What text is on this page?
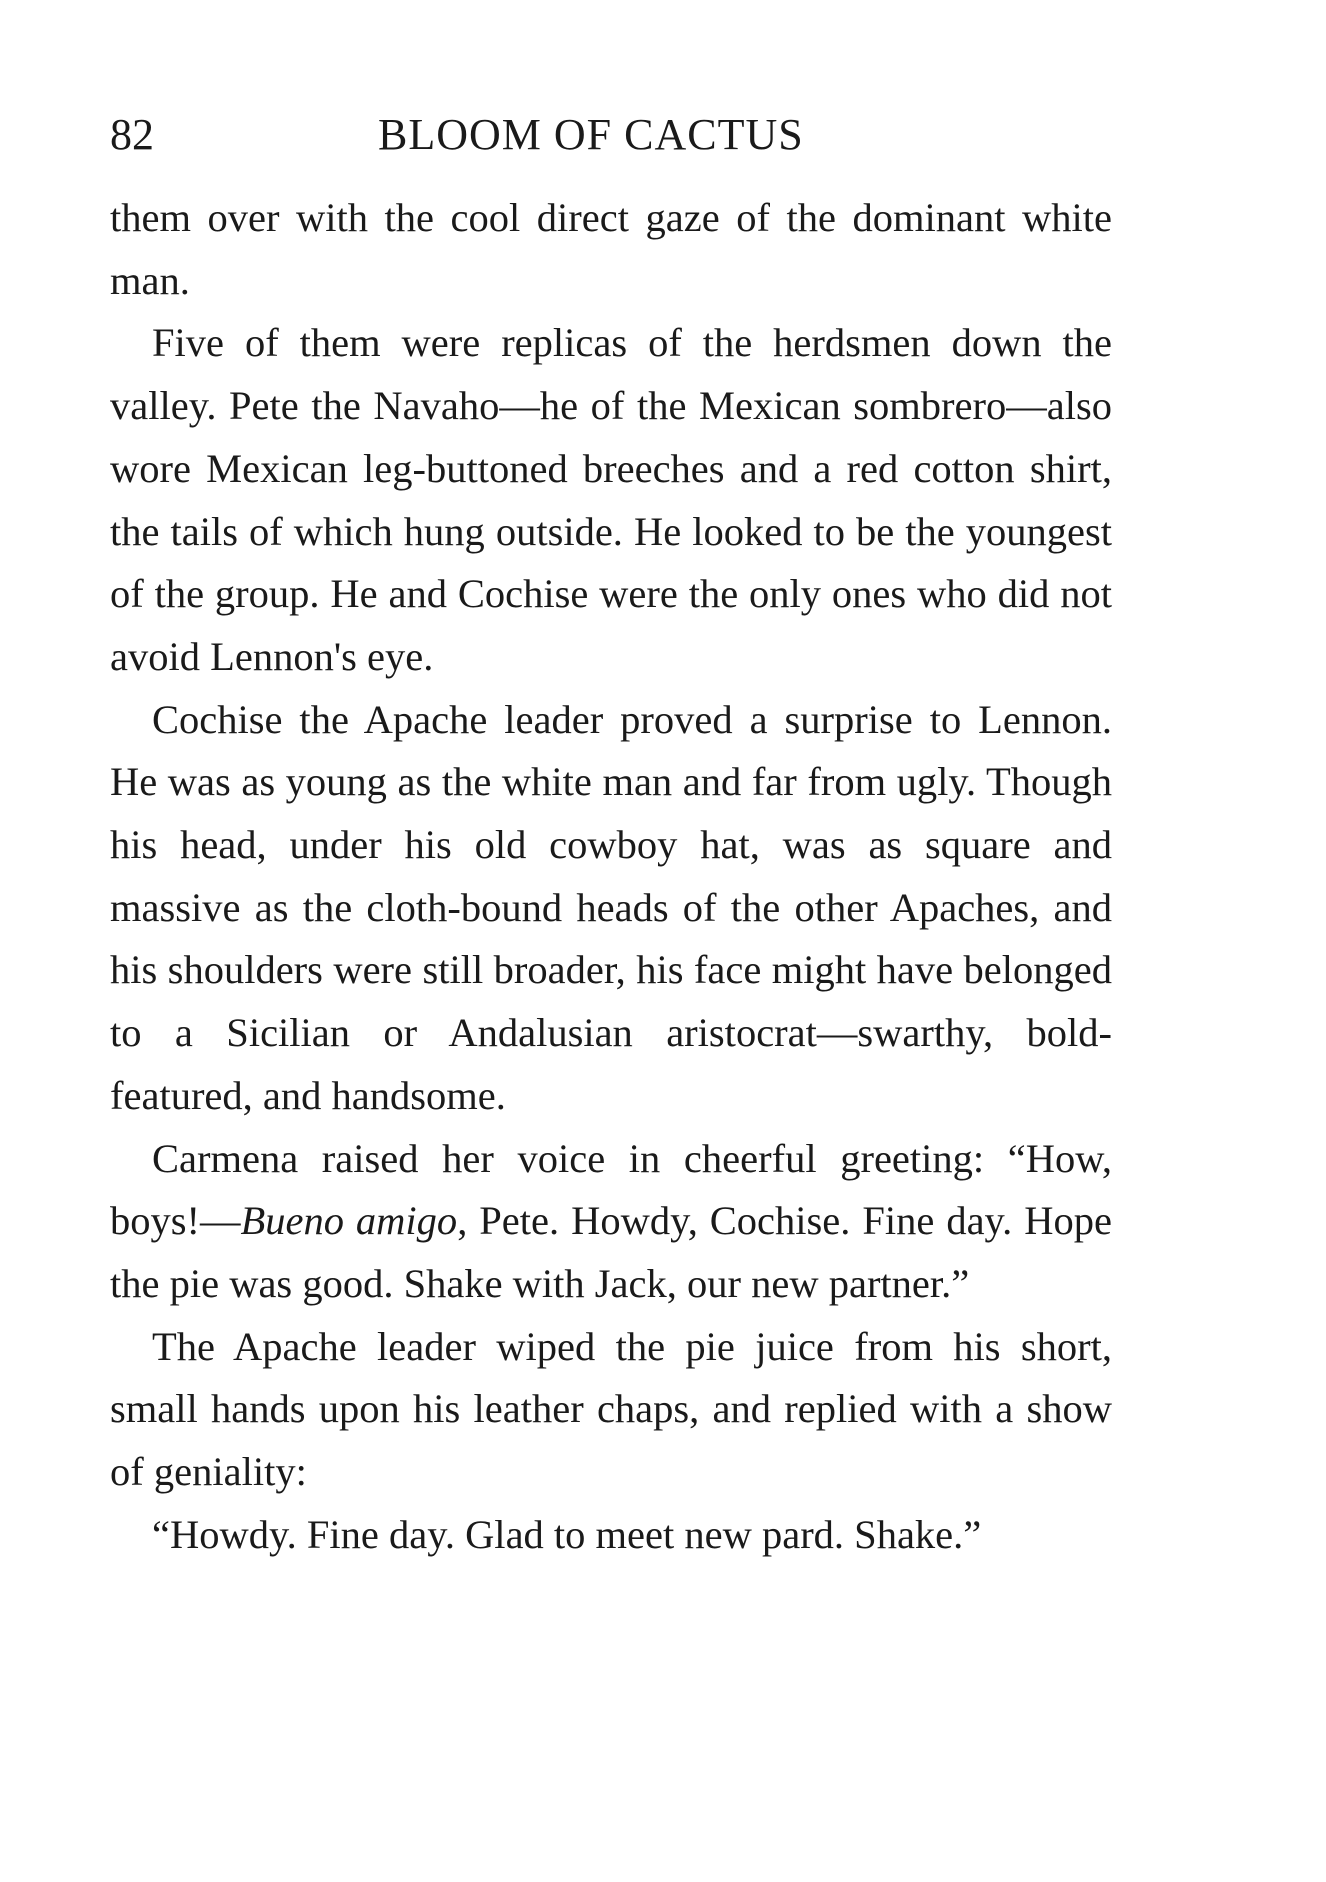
82	BLOOM OF CACTUS

them over with the cool direct gaze of the dominant white man.

Five of them were replicas of the herdsmen down the valley. Pete the Navaho—he of the Mexican sombrero—also wore Mexican leg-buttoned breeches and a red cotton shirt, the tails of which hung outside. He looked to be the youngest of the group. He and Cochise were the only ones who did not avoid Lennon's eye.

Cochise the Apache leader proved a surprise to Lennon. He was as young as the white man and far from ugly. Though his head, under his old cowboy hat, was as square and massive as the cloth-bound heads of the other Apaches, and his shoulders were still broader, his face might have belonged to a Sicilian or Andalusian aristocrat—swarthy, bold-featured, and handsome.

Carmena raised her voice in cheerful greeting: “How, boys!—Bueno amigo, Pete. Howdy, Cochise. Fine day. Hope the pie was good. Shake with Jack, our new partner.”

The Apache leader wiped the pie juice from his short, small hands upon his leather chaps, and replied with a show of geniality:

“Howdy. Fine day. Glad to meet new pard. Shake.”
